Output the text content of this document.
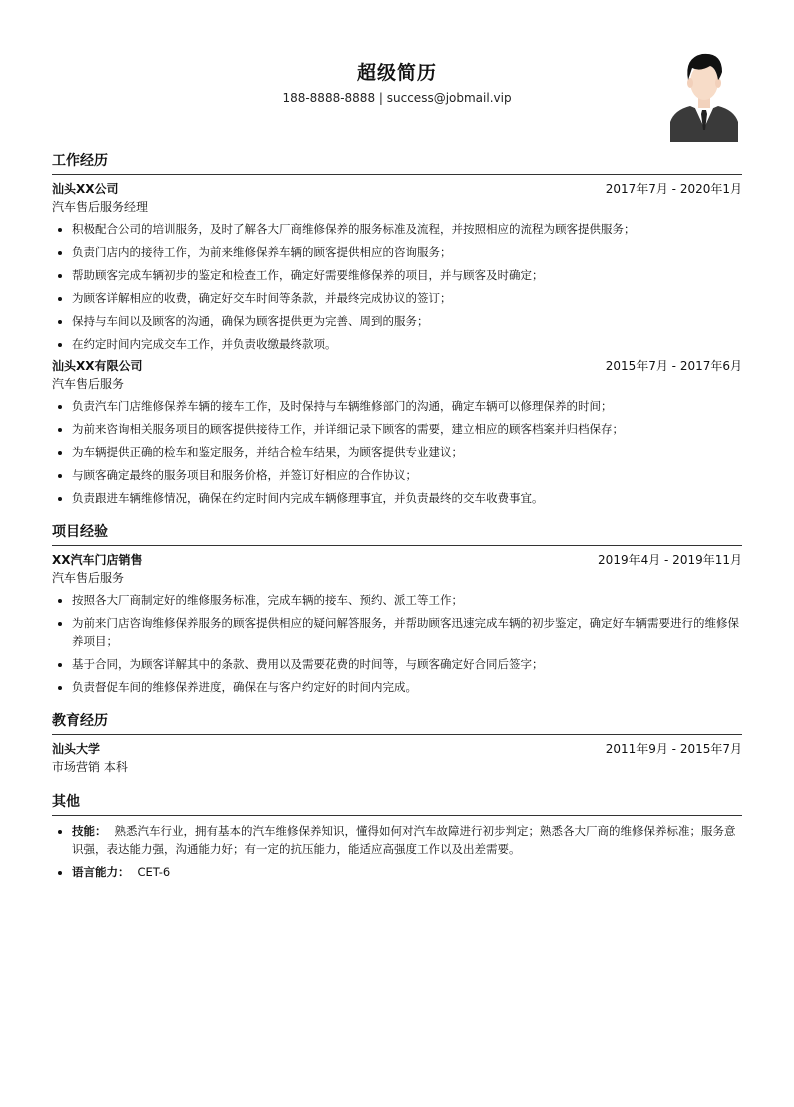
超级简历
188-8888-8888 | success@jobmail.vip
工作经历
汕头XX公司	2017年7月 - 2020年1月
汽车售后服务经理
• 积极配合公司的培训服务，及时了解各大厂商维修保养的服务标准及流程，并按照相应的流程为顾客提供服务；
• 负责门店内的接待工作，为前来维修保养车辆的顾客提供相应的咨询服务；
• 帮助顾客完成车辆初步的鉴定和检查工作，确定好需要维修保养的项目，并与顾客及时确定；
• 为顾客详解相应的收费，确定好交车时间等条款，并最终完成协议的签订；
• 保持与车间以及顾客的沟通，确保为顾客提供更为完善、周到的服务；
• 在约定时间内完成交车工作，并负责收缴最终款项。
汕头XX有限公司	2015年7月 - 2017年6月
汽车售后服务
• 负责汽车门店维修保养车辆的接车工作，及时保持与车辆维修部门的沟通，确定车辆可以修理保养的时间；
• 为前来咨询相关服务项目的顾客提供接待工作，并详细记录下顾客的需要，建立相应的顾客档案并归档保存；
• 为车辆提供正确的检车和鉴定服务，并结合检车结果，为顾客提供专业建议；
• 与顾客确定最终的服务项目和服务价格，并签订好相应的合作协议；
• 负责跟进车辆维修情况，确保在约定时间内完成车辆修理事宜，并负责最终的交车收费事宜。
项目经验
XX汽车门店销售	2019年4月 - 2019年11月
汽车售后服务
• 按照各大厂商制定好的维修服务标准，完成车辆的接车、预约、派工等工作；
• 为前来门店咨询维修保养服务的顾客提供相应的疑问解答服务，并帮助顾客迅速完成车辆的初步鉴定，确定好车辆需要进行的维修保养项目；
• 基于合同，为顾客详解其中的条款、费用以及需要花费的时间等，与顾客确定好合同后签字；
• 负责督促车间的维修保养进度，确保在与客户约定好的时间内完成。
教育经历
汕头大学	2011年9月 - 2015年7月
市场营销 本科
其他
• 技能： 熟悉汽车行业，拥有基本的汽车维修保养知识，懂得如何对汽车故障进行初步判定；熟悉各大厂商的维修保养标准；服务意识强，表达能力强，沟通能力好；有一定的抗压能力，能适应高强度工作以及出差需要。
• 语言能力： CET-6
